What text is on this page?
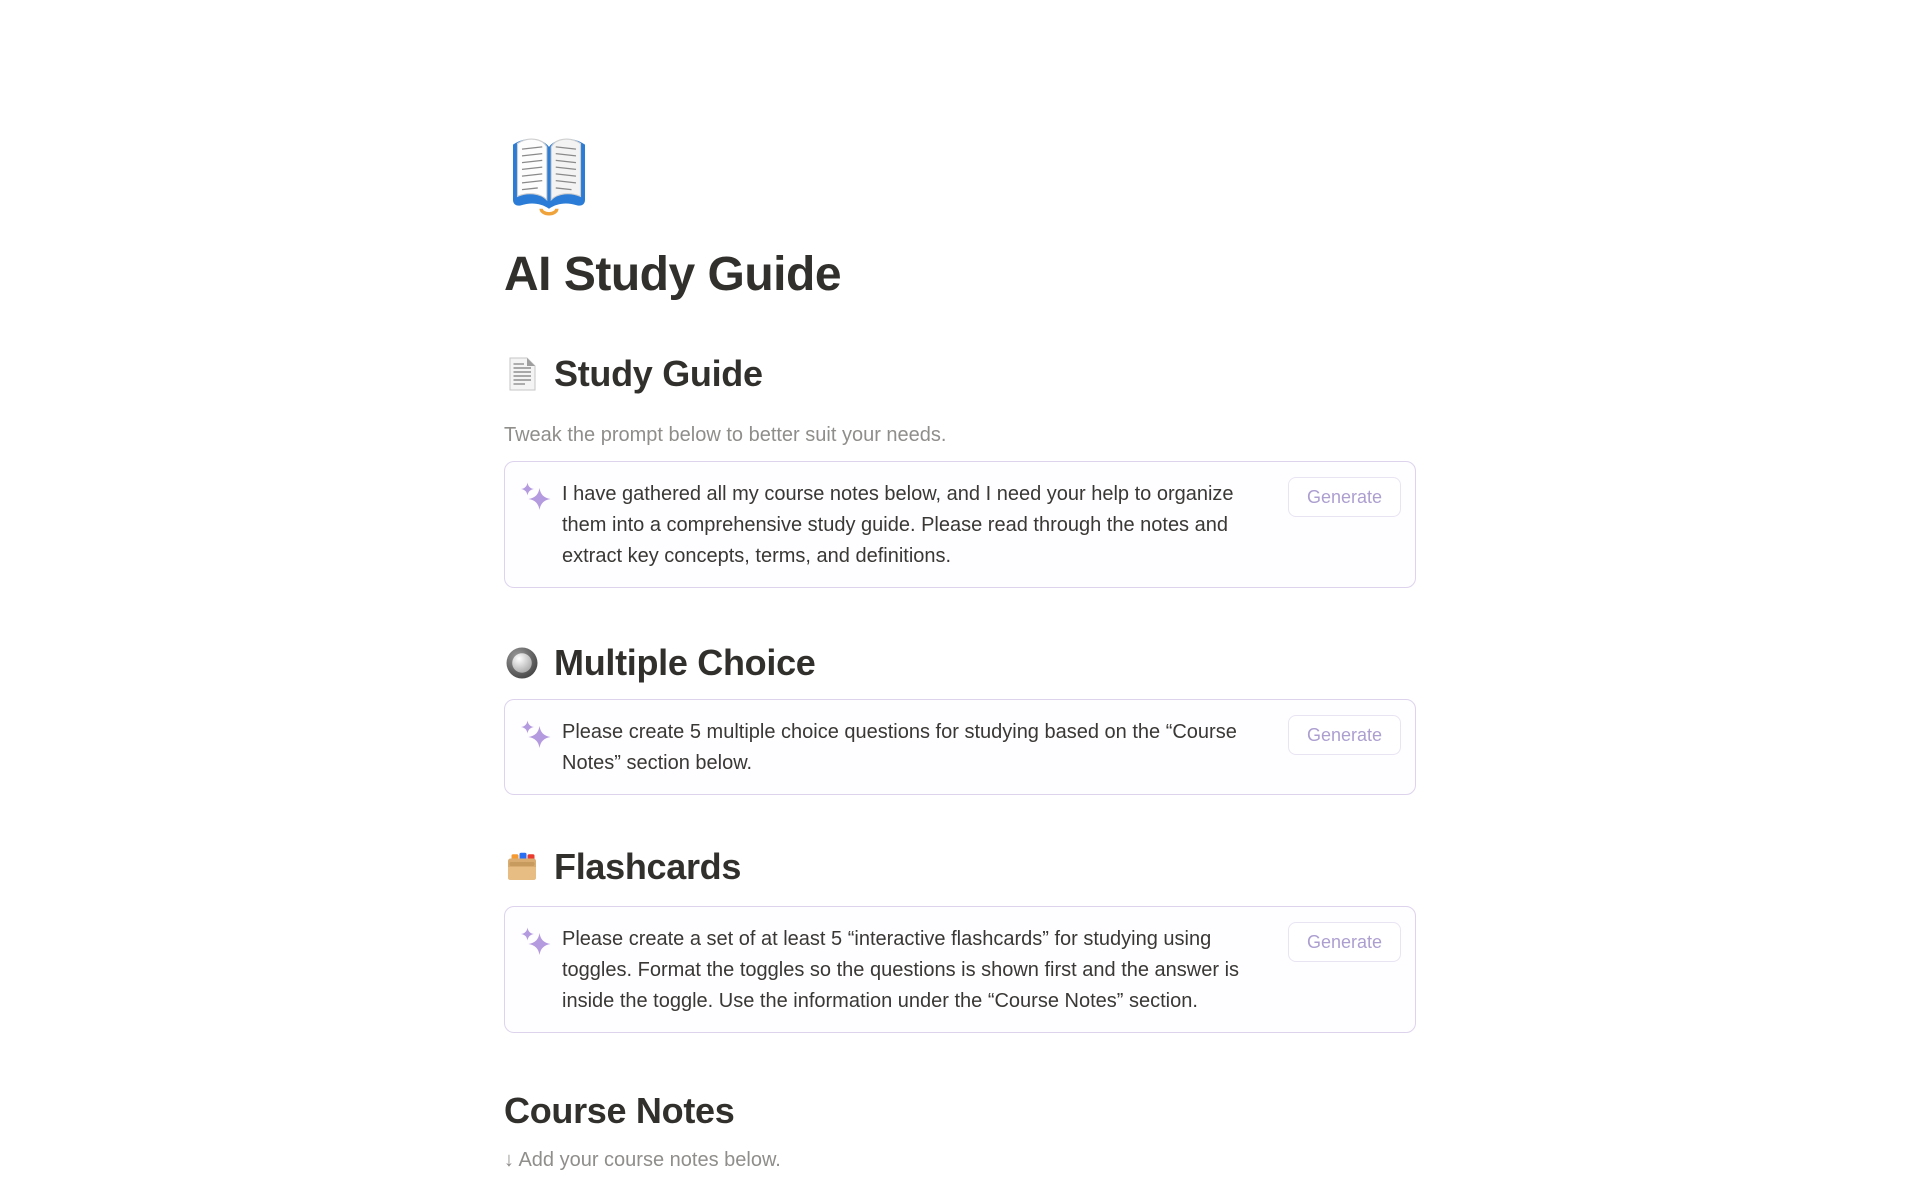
AI Study Guide
Study Guide

Tweak the prompt below to better suit your needs.

I have gathered all my course notes below, and I need your help to organize them into a comprehensive study guide. Please read through the notes and extract key concepts, terms, and definitions.

Generate
Multiple Choice

Please create 5 multiple choice questions for studying based on the “Course Notes” section below.

Generate
Flashcards

Please create a set of at least 5 “interactive flashcards” for studying using toggles. Format the toggles so the questions is shown first and the answer is inside the toggle. Use the information under the “Course Notes” section.

Generate
Course Notes

↓ Add your course notes below.
